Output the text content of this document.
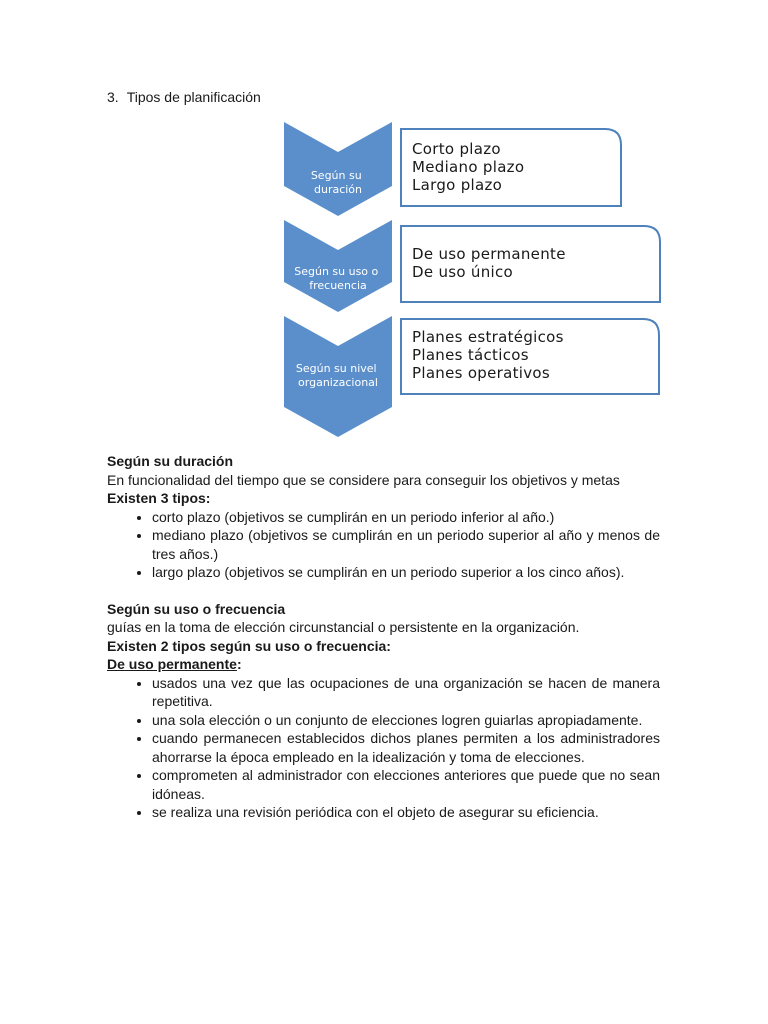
3. Tipos de planificación
Según su duración
Corto plazo Mediano plazo Largo plazo
Según su uso o frecuencia
De uso permanente De uso único
Según su nivel organizacional
Planes estratégicos Planes tácticos Planes operativos
Según su duración

En funcionalidad del tiempo que se considere para conseguir los objetivos y metas

Existen 3 tipos:

• corto plazo (objetivos se cumplirán en un periodo inferior al año.)
• mediano plazo (objetivos se cumplirán en un periodo superior al año y menos de tres años.)
• largo plazo (objetivos se cumplirán en un periodo superior a los cinco años).
Según su uso o frecuencia

guías en la toma de elección circunstancial o persistente en la organización.

Existen 2 tipos según su uso o frecuencia:

De uso permanente:

• usados una vez que las ocupaciones de una organización se hacen de manera repetitiva.
• una sola elección o un conjunto de elecciones logren guiarlas apropiadamente.
• cuando permanecen establecidos dichos planes permiten a los administradores ahorrarse la época empleado en la idealización y toma de elecciones.
• comprometen al administrador con elecciones anteriores que puede que no sean idóneas.
• se realiza una revisión periódica con el objeto de asegurar su eficiencia.
